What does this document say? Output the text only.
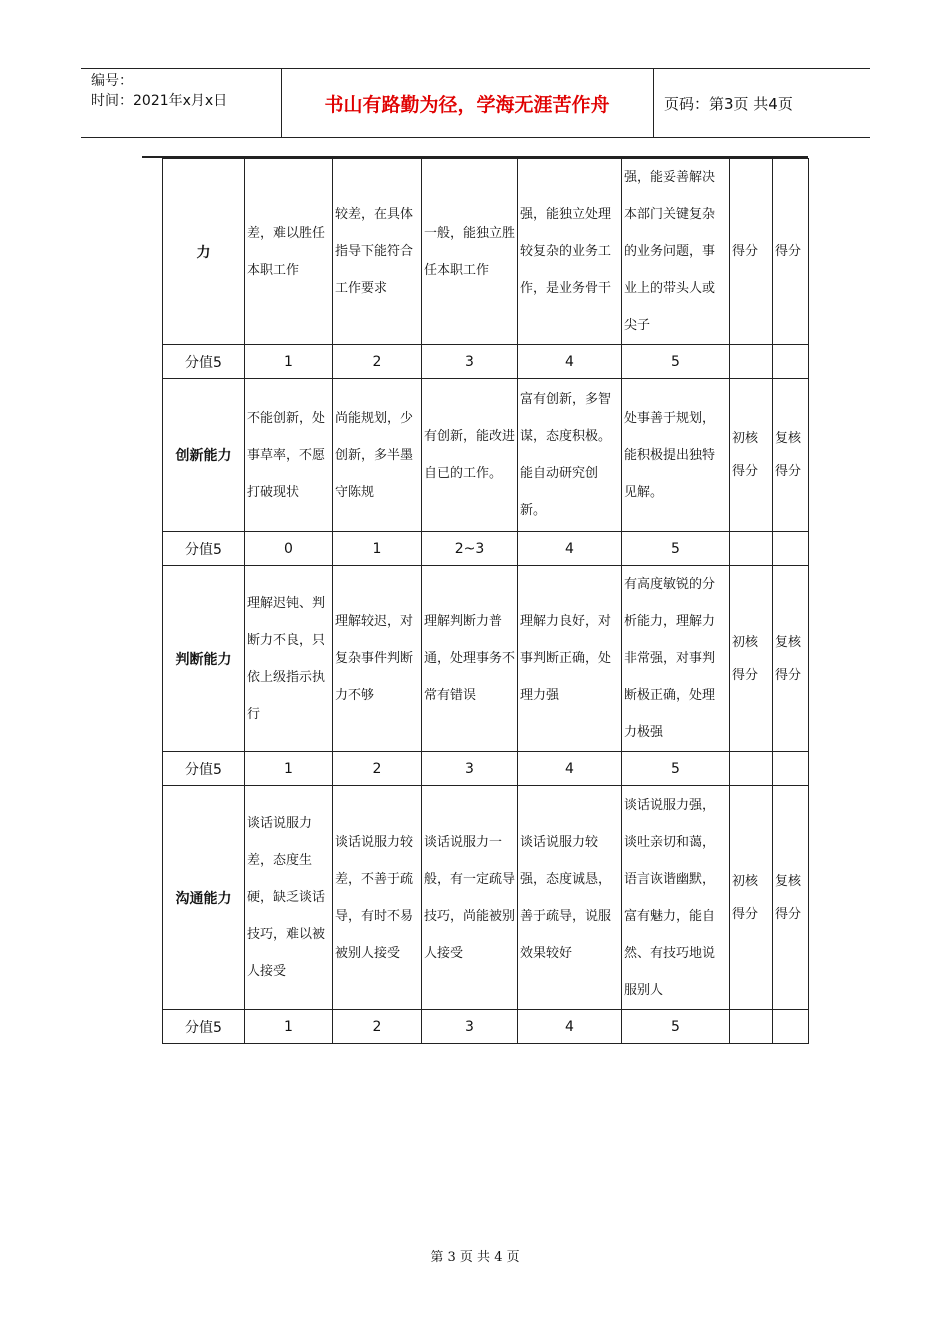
编号：
时间：2021年x月x日	书山有路勤为径，学海无涯苦作舟	页码：第3页 共4页
力	差，难以胜任本职工作	较差，在具体指导下能符合工作要求	一般，能独立胜任本职工作	强，能独立处理较复杂的业务工作，是业务骨干	强，能妥善解决本部门关键复杂的业务问题，事业上的带头人或尖子	得分	得分
分值5	1	2	3	4	5		
创新能力	不能创新，处事草率，不愿打破现状	尚能规划，少创新，多半墨守陈规	有创新，能改进自已的工作。	富有创新，多智谋，态度积极。能自动研究创新。	处事善于规划，能积极提出独特见解。	初核得分	复核得分
分值5	0	1	2~3	4	5		
判断能力	理解迟钝、判断力不良，只依上级指示执行	理解较迟，对复杂事件判断力不够	理解判断力普通，处理事务不常有错误	理解力良好，对事判断正确，处理力强	有高度敏锐的分析能力，理解力非常强，对事判断极正确，处理力极强	初核得分	复核得分
分值5	1	2	3	4	5		
沟通能力	谈话说服力差，态度生硬，缺乏谈话技巧，难以被人接受	谈话说服力较差，不善于疏导，有时不易被别人接受	谈话说服力一般，有一定疏导技巧，尚能被别人接受	谈话说服力较强，态度诚恳，善于疏导，说服效果较好	谈话说服力强，谈吐亲切和蔼，语言诙谐幽默，富有魅力，能自然、有技巧地说服别人	初核得分	复核得分
分值5	1	2	3	4	5		
第 3 页 共 4 页
